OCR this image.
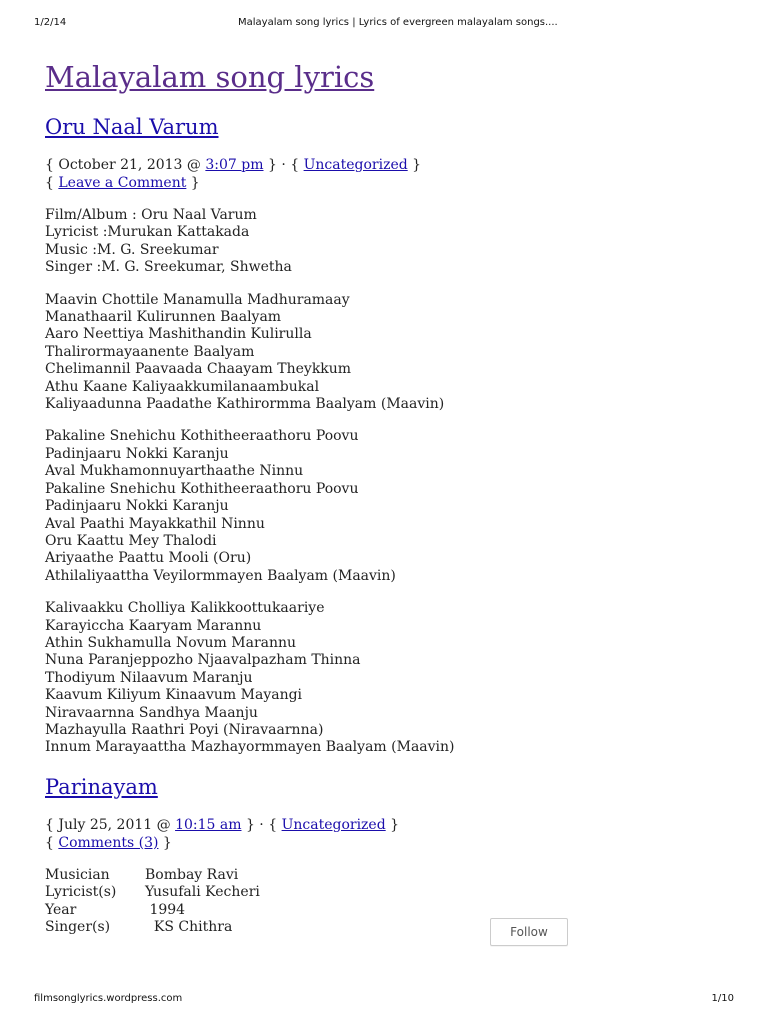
1/2/14	Malayalam song lyrics | Lyrics of evergreen malayalam songs....
Malayalam song lyrics
Oru Naal Varum
{ October 21, 2013 @ 3:07 pm } · { Uncategorized }
{ Leave a Comment }
Film/Album : Oru Naal Varum
Lyricist :Murukan Kattakada
Music :M. G. Sreekumar
Singer :M. G. Sreekumar, Shwetha
Maavin Chottile Manamulla Madhuramaay
Manathaaril Kulirunnen Baalyam
Aaro Neettiya Mashithandin Kulirulla
Thalirormayaanente Baalyam
Chelimannil Paavaada Chaayam Theykkum
Athu Kaane Kaliyaakkumilanaambukal
Kaliyaadunna Paadathe Kathirormma Baalyam (Maavin)
Pakaline Snehichu Kothitheeraathoru Poovu
Padinjaaru Nokki Karanju
Aval Mukhamonnuyarthaathe Ninnu
Pakaline Snehichu Kothitheeraathoru Poovu
Padinjaaru Nokki Karanju
Aval Paathi Mayakkathil Ninnu
Oru Kaattu Mey Thalodi
Ariyaathe Paattu Mooli (Oru)
Athilaliyaattha Veyilormmayen Baalyam (Maavin)
Kalivaakku Cholliya Kalikkoottukaariye
Karayiccha Kaaryam Marannu
Athin Sukhamulla Novum Marannu
Nuna Paranjeppozho Njaavalpazham Thinna
Thodiyum Nilaavum Maranju
Kaavum Kiliyum Kinaavum Mayangi
Niravaarnna Sandhya Maanju
Mazhayulla Raathri Poyi (Niravaarnna)
Innum Marayaattha Mazhayormmayen Baalyam (Maavin)
Parinayam
{ July 25, 2011 @ 10:15 am } · { Uncategorized }
{ Comments (3) }
Musician	Bombay Ravi
Lyricist(s)	Yusufali Kecheri
Year	1994
Singer(s)	KS Chithra	Follow
filmsonglyrics.wordpress.com	1/10
